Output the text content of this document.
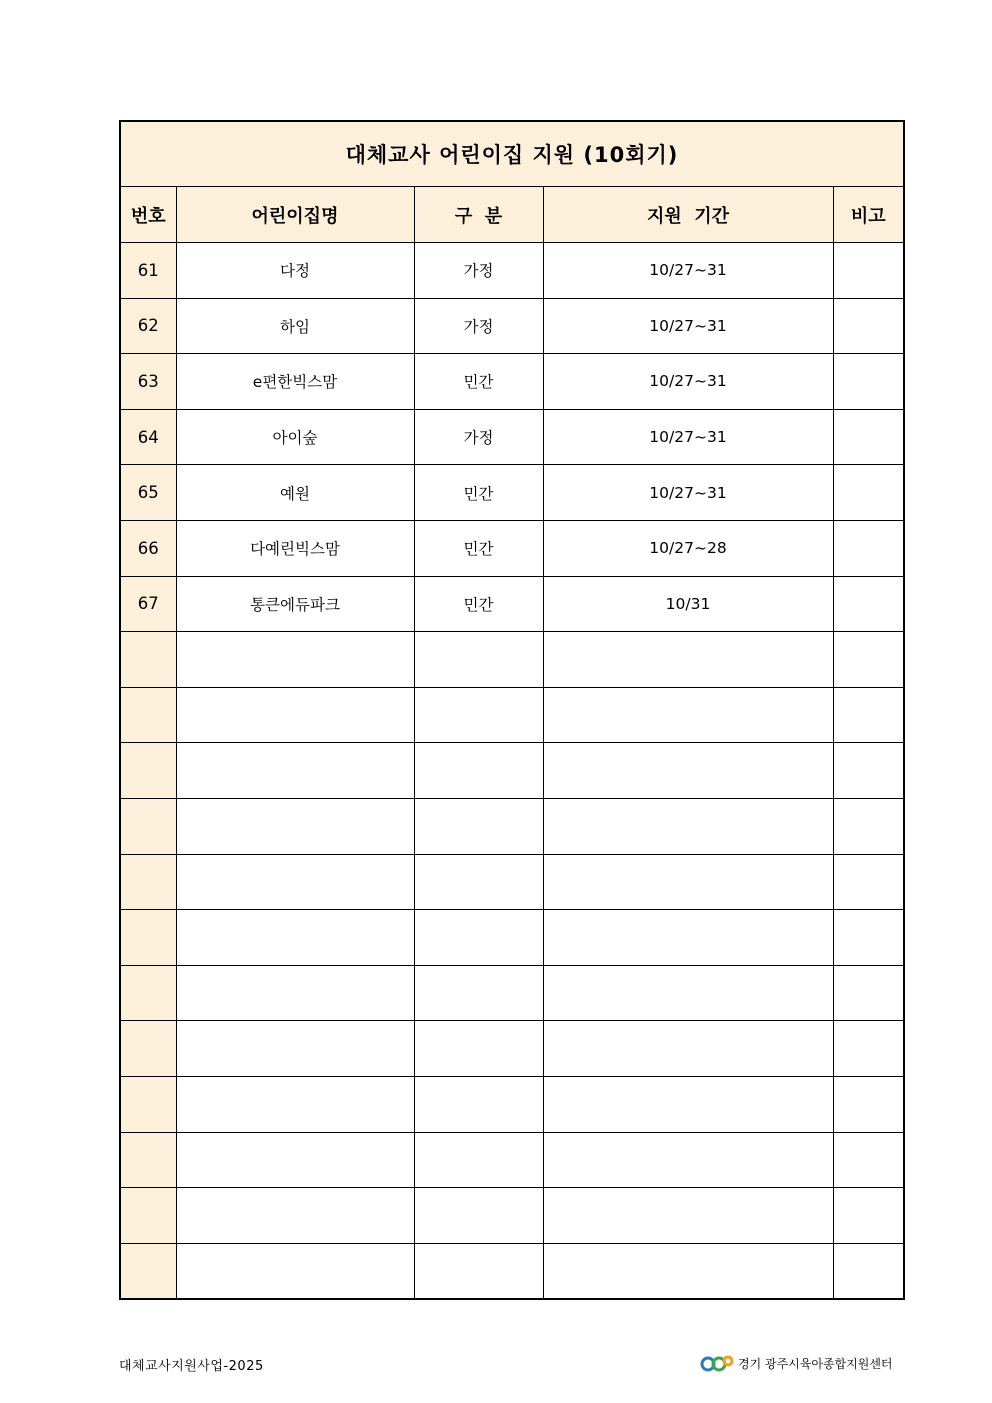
대체교사 어린이집 지원 (10회기)				
번호	어린이집명	구  분	지원  기간	비고
61	다정	가정	10/27~31	
62	하임	가정	10/27~31	
63	e편한빅스맘	민간	10/27~31	
64	아이숲	가정	10/27~31	
65	예원	민간	10/27~31	
66	다예린빅스맘	민간	10/27~28	
67	통큰에듀파크	민간	10/31	

대체교사지원사업-2025	경기 광주시육아종합지원센터
